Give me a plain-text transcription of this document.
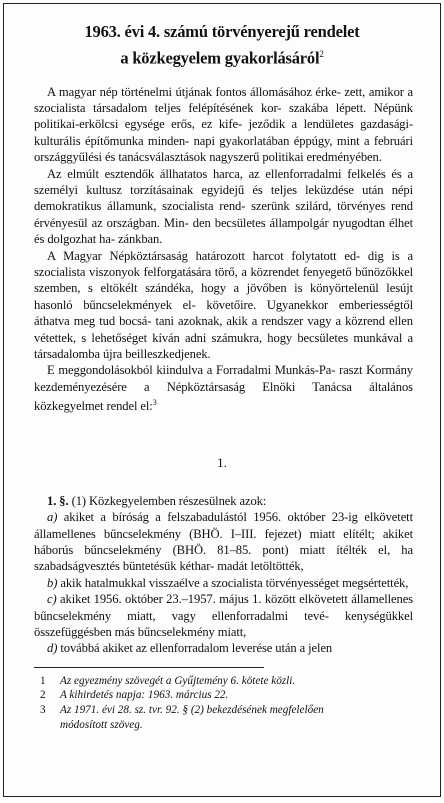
1963. évi 4. számú törvényerejű rendelet
a közkegyelem gyakorlásáról$^2$

A magyar nép történelmi útjának fontos állomásához érke- zett, amikor a szocialista társadalom teljes felépítésének kor- szakába lépett. Népünk politikai-erkölcsi egysége erős, ez kife- jeződik a lendületes gazdasági-kulturális építőmunka minden- napi gyakorlatában éppúgy, mint a februári országgyűlési és tanácsválasztások nagyszerű politikai eredményében.

Az elmúlt esztendők állhatatos harca, az ellenforradalmi felkelés és a személyi kultusz torzításainak egyidejű és teljes leküzdése után népi demokratikus államunk, szocialista rend- szerünk szilárd, törvényes rend érvényesül az országban. Min- den becsületes állampolgár nyugodtan élhet és dolgozhat ha- zánkban.

A Magyar Népköztársaság határozott harcot folytatott ed- dig is a szocialista viszonyok felforgatására törő, a közrendet fenyegető bűnözőkkel szemben, s eltökélt szándéka, hogy a jövőben is könyörtelenül lesújt hasonló bűncselekmények el- követőire. Ugyanekkor emberiességtől áthatva meg tud bocsá- tani azoknak, akik a rendszer vagy a közrend ellen vétettek, s lehetőséget kíván adni számukra, hogy becsületes munkával a társadalomba újra beilleszkedjenek.

E meggondolásokból kiindulva a Forradalmi Munkás-Pa- raszt Kormány kezdeményezésére a Népköztársaság Elnöki Tanácsa általános közkegyelmet rendel el:$^3$

1.

1. §. (1) Közkegyelemben részesülnek azok:

a) akiket a bíróság a felszabadulástól 1956. október 23-ig elkövetett államellenes bűncselekmény (BHÖ. I–III. fejezet) miatt elítélt; akiket háborús bűncselekmény (BHÖ. 81–85. pont) miatt ítélték el, ha szabadságvesztés büntetésük kéthar- madát letöltötték,

b) akik hatalmukkal visszaélve a szocialista törvényességet megsértették,

c) akiket 1956. október 23.–1957. május 1. között elkövetett államellenes bűncselekmény miatt, vagy ellenforradalmi tevé- kenységükkel összefüggésben más bűncselekmény miatt,

d) továbbá akiket az ellenforradalom leverése után a jelen

1	Az egyezmény szövegét a Gyűjtemény 6. kötete közli.
2	A kihirdetés napja: 1963. március 22.
3	Az 1971. évi 28. sz. tvr. 92. § (2) bekezdésének megfelelően
módosított szöveg.
